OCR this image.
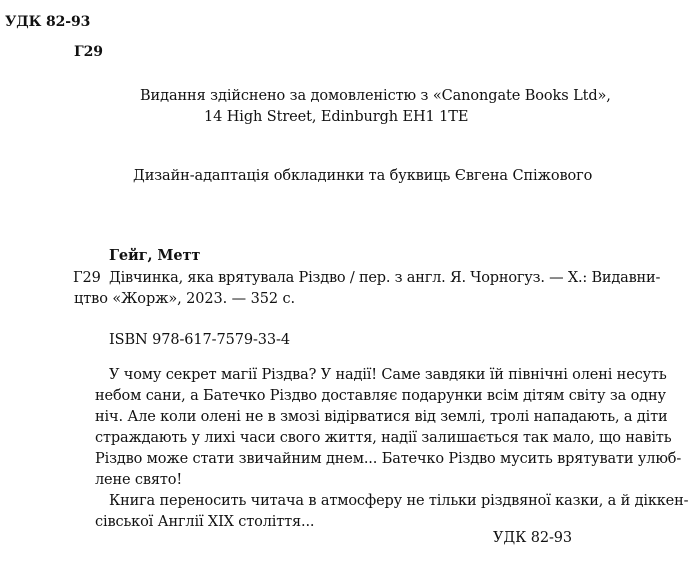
УДК 82-93
Г29
Видання здійснено за домовленістю з «Canongate Books Ltd»,
14 High Street, Edinburgh EH1 1TE
Дизайн-адаптація обкладинки та буквиць Євгена Спіжового
Гейг, Метт
Г29 Дівчинка, яка врятувала Різдво / пер. з англ. Я. Чорногуз. — Х.: Видавни-
цтво «Жорж», 2023. — 352 с.
ISBN 978-617-7579-33-4
У чому секрет магії Різдва? У надії! Саме завдяки їй північні олені несуть
небом сани, а Батечко Різдво доставляє подарунки всім дітям світу за одну
ніч. Але коли олені не в змозі відірватися від землі, тролі нападають, а діти
страждають у лихі часи свого життя, надії залишається так мало, що навіть
Різдво може стати звичайним днем... Батечко Різдво мусить врятувати улюб-
лене свято!
Книга переносить читача в атмосферу не тільки різдвяної казки, а й діккен-
сівської Англії XIX століття...
УДК 82-93
